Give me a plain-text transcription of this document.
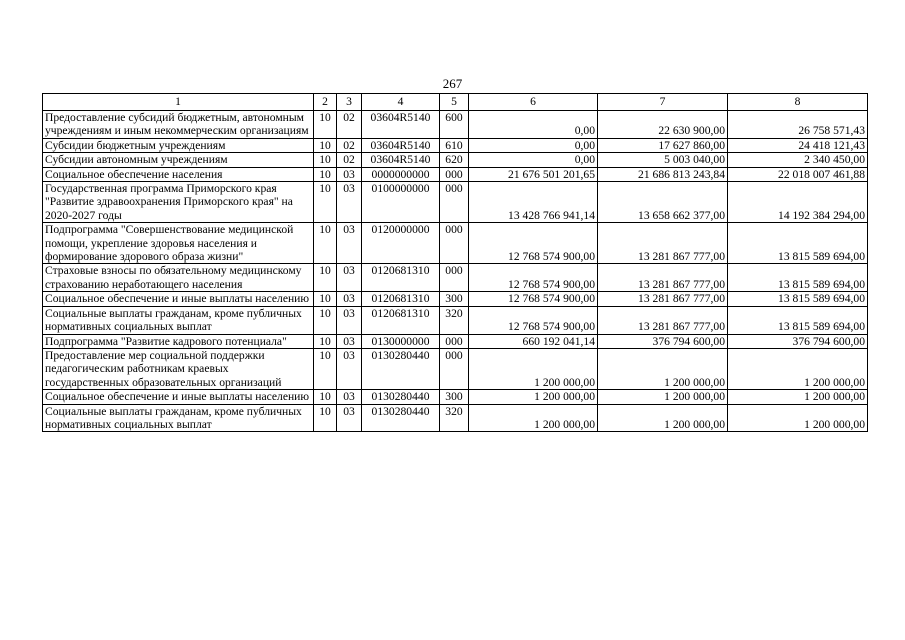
267
1	2	3	4	5	6	7	8
Предоставление субсидий бюджетным, автономным учреждениям и иным некоммерческим организациям	10	02	03604R5140	600	0,00	22 630 900,00	26 758 571,43
Субсидии бюджетным учреждениям	10	02	03604R5140	610	0,00	17 627 860,00	24 418 121,43
Субсидии автономным учреждениям	10	02	03604R5140	620	0,00	5 003 040,00	2 340 450,00
Социальное обеспечение населения	10	03	0000000000	000	21 676 501 201,65	21 686 813 243,84	22 018 007 461,88
Государственная программа Приморского края "Развитие здравоохранения Приморского края" на 2020-2027 годы	10	03	0100000000	000	13 428 766 941,14	13 658 662 377,00	14 192 384 294,00
Подпрограмма "Совершенствование медицинской помощи, укрепление здоровья населения и формирование здорового образа жизни"	10	03	0120000000	000	12 768 574 900,00	13 281 867 777,00	13 815 589 694,00
Страховые взносы по обязательному медицинскому страхованию неработающего населения	10	03	0120681310	000	12 768 574 900,00	13 281 867 777,00	13 815 589 694,00
Социальное обеспечение и иные выплаты населению	10	03	0120681310	300	12 768 574 900,00	13 281 867 777,00	13 815 589 694,00
Социальные выплаты гражданам, кроме публичных нормативных социальных выплат	10	03	0120681310	320	12 768 574 900,00	13 281 867 777,00	13 815 589 694,00
Подпрограмма "Развитие кадрового потенциала"	10	03	0130000000	000	660 192 041,14	376 794 600,00	376 794 600,00
Предоставление мер социальной поддержки педагогическим работникам краевых государственных образовательных организаций	10	03	0130280440	000	1 200 000,00	1 200 000,00	1 200 000,00
Социальное обеспечение и иные выплаты населению	10	03	0130280440	300	1 200 000,00	1 200 000,00	1 200 000,00
Социальные выплаты гражданам, кроме публичных нормативных социальных выплат	10	03	0130280440	320	1 200 000,00	1 200 000,00	1 200 000,00
